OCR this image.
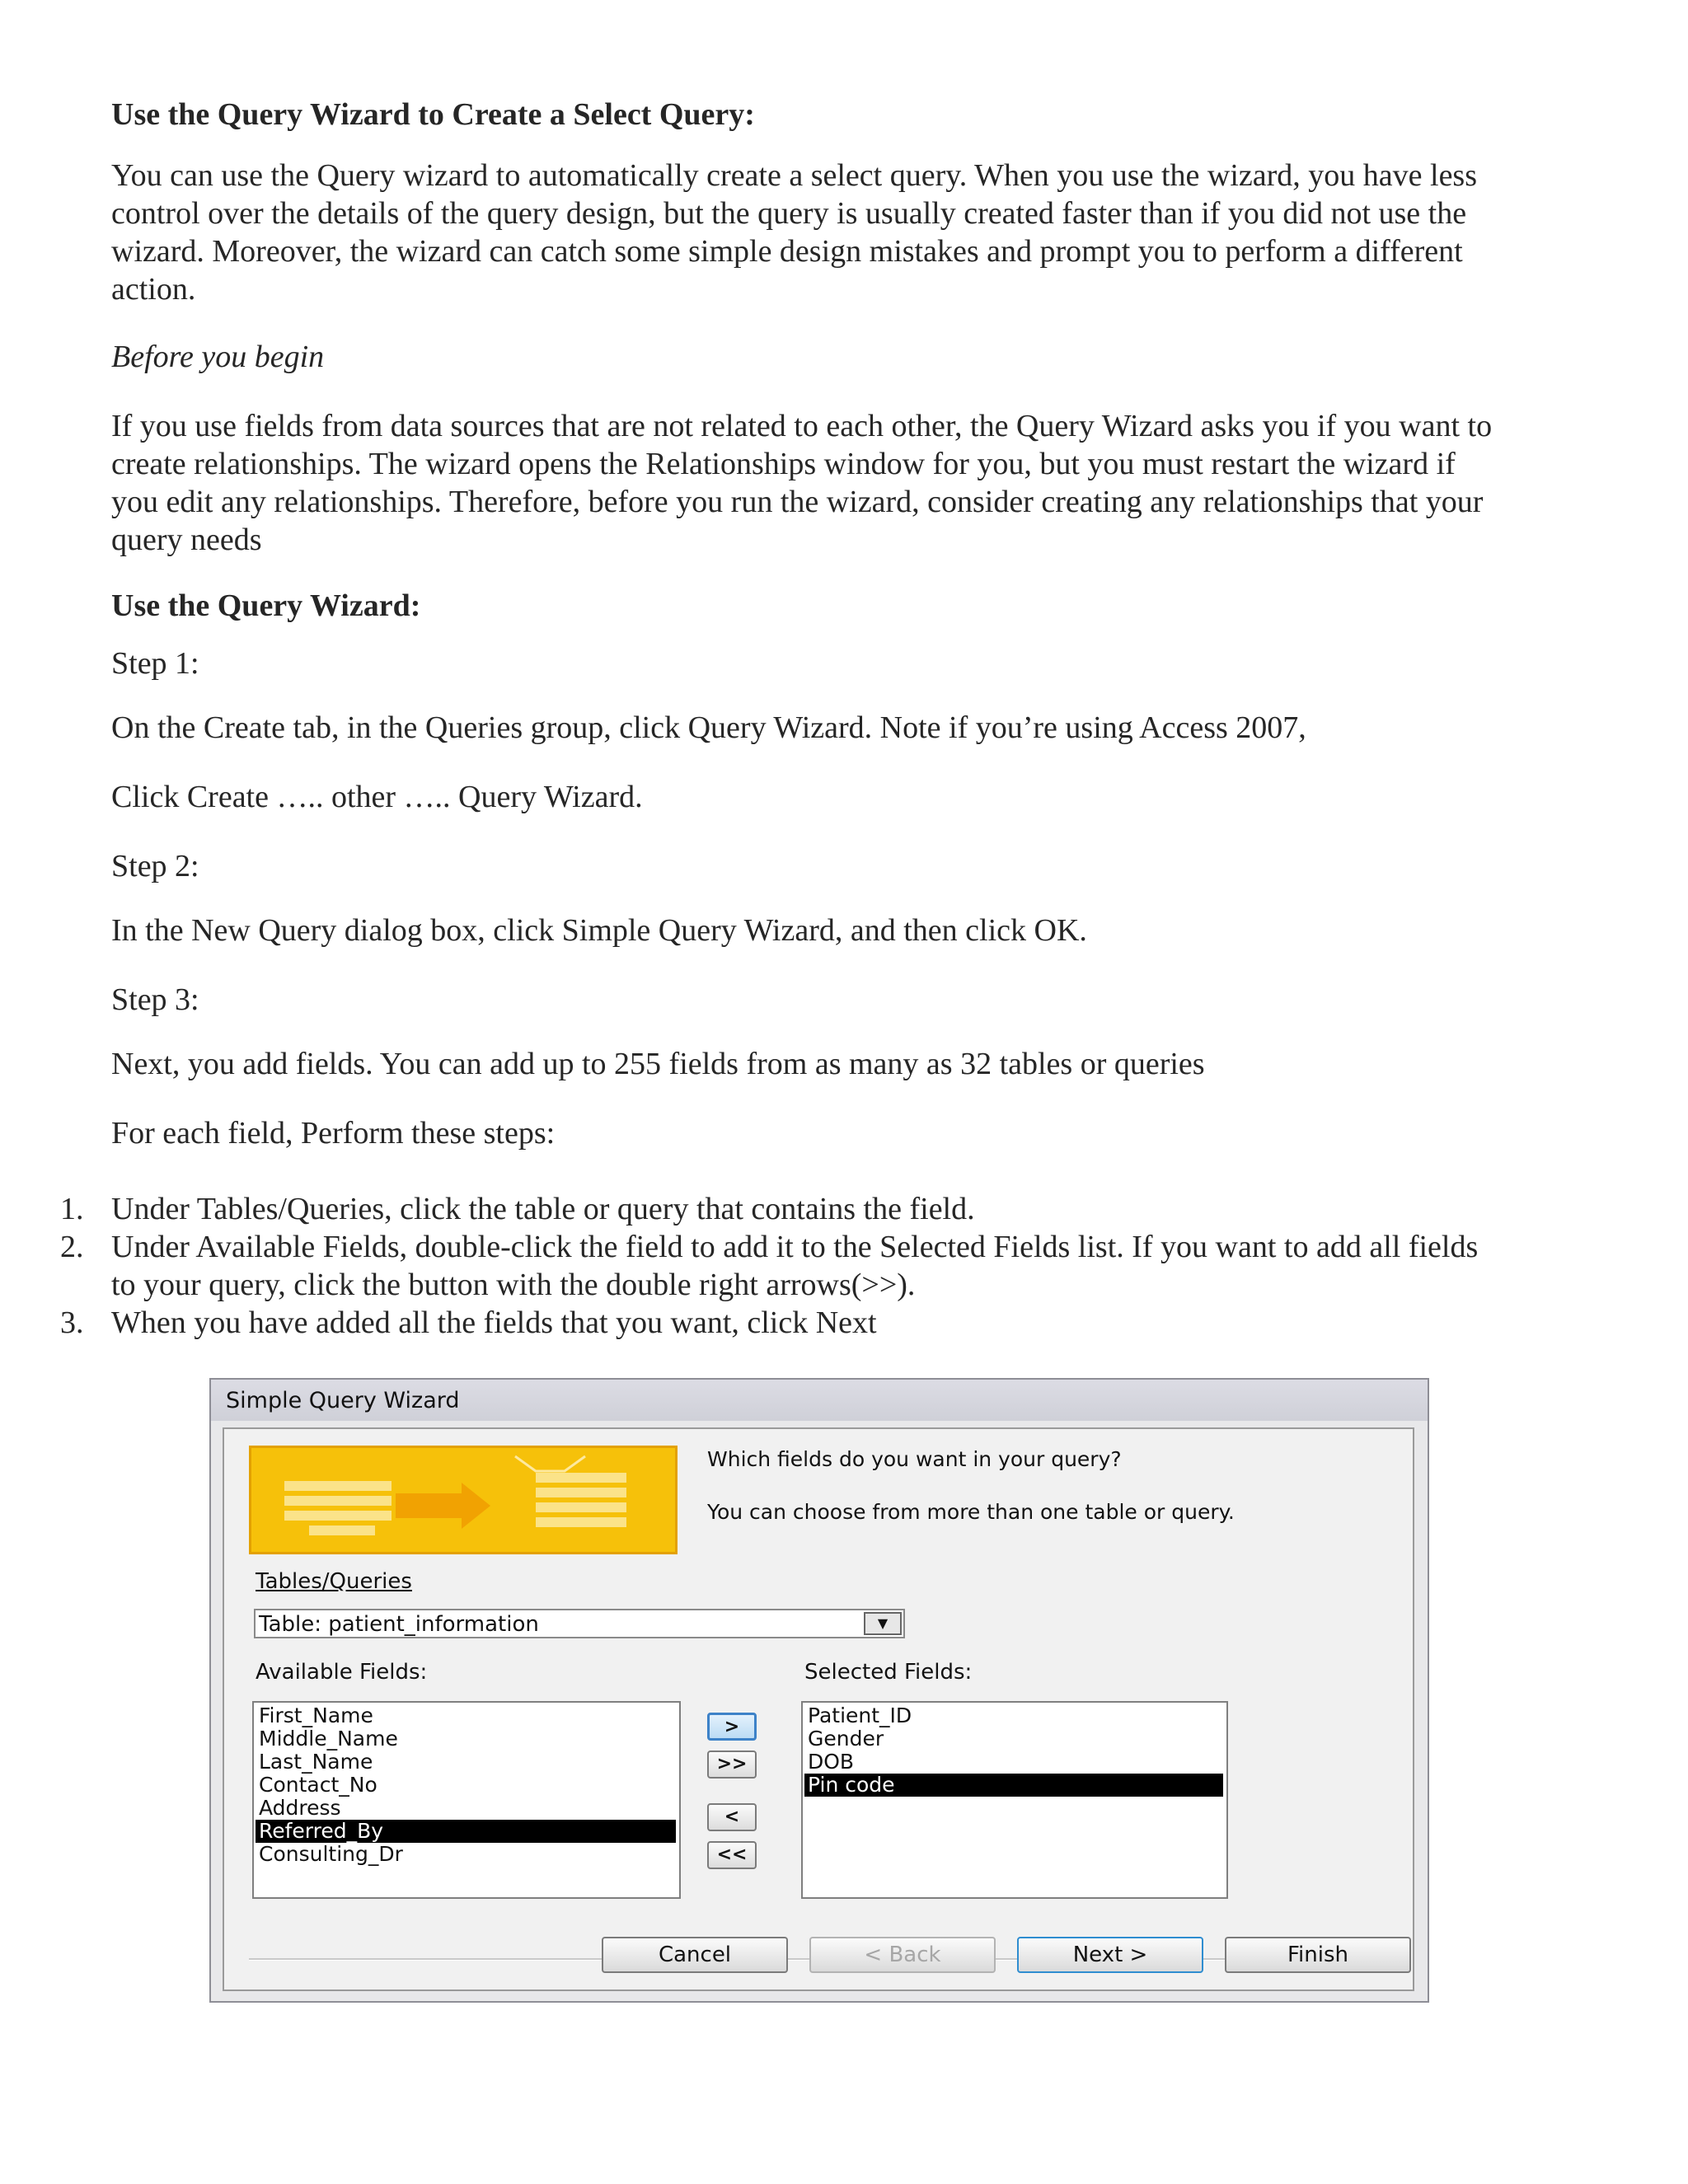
Use the Query Wizard to Create a Select Query:

You can use the Query wizard to automatically create a select query. When you use the wizard, you have less

control over the details of the query design, but the query is usually created faster than if you did not use the

wizard. Moreover, the wizard can catch some simple design mistakes and prompt you to perform a different

action.

Before you begin

If you use fields from data sources that are not related to each other, the Query Wizard asks you if you want to

create relationships. The wizard opens the Relationships window for you, but you must restart the wizard if

you edit any relationships. Therefore, before you run the wizard, consider creating any relationships that your

query needs

Use the Query Wizard:

Step 1:

On the Create tab, in the Queries group, click Query Wizard. Note if you’re using Access 2007,

Click Create ….. other ….. Query Wizard.

Step 2:

In the New Query dialog box, click Simple Query Wizard, and then click OK.

Step 3:

Next, you add fields. You can add up to 255 fields from as many as 32 tables or queries

For each field, Perform these steps:

1. Under Tables/Queries, click the table or query that contains the field.

2. Under Available Fields, double-click the field to add it to the Selected Fields list. If you want to add all fields

to your query, click the button with the double right arrows(>>).

3. When you have added all the fields that you want, click Next

Simple Query Wizard
Which fields do you want in your query?
You can choose from more than one table or query.
Tables/Queries
Table: patient_information	▼
Available Fields:	Selected Fields:
First_Name
Middle_Name
Last_Name
Contact_No
Address
Referred_By
Consulting_Dr
>
>>
<
<<
Patient_ID
Gender
DOB
Pin code
Cancel	< Back	Next >	Finish
